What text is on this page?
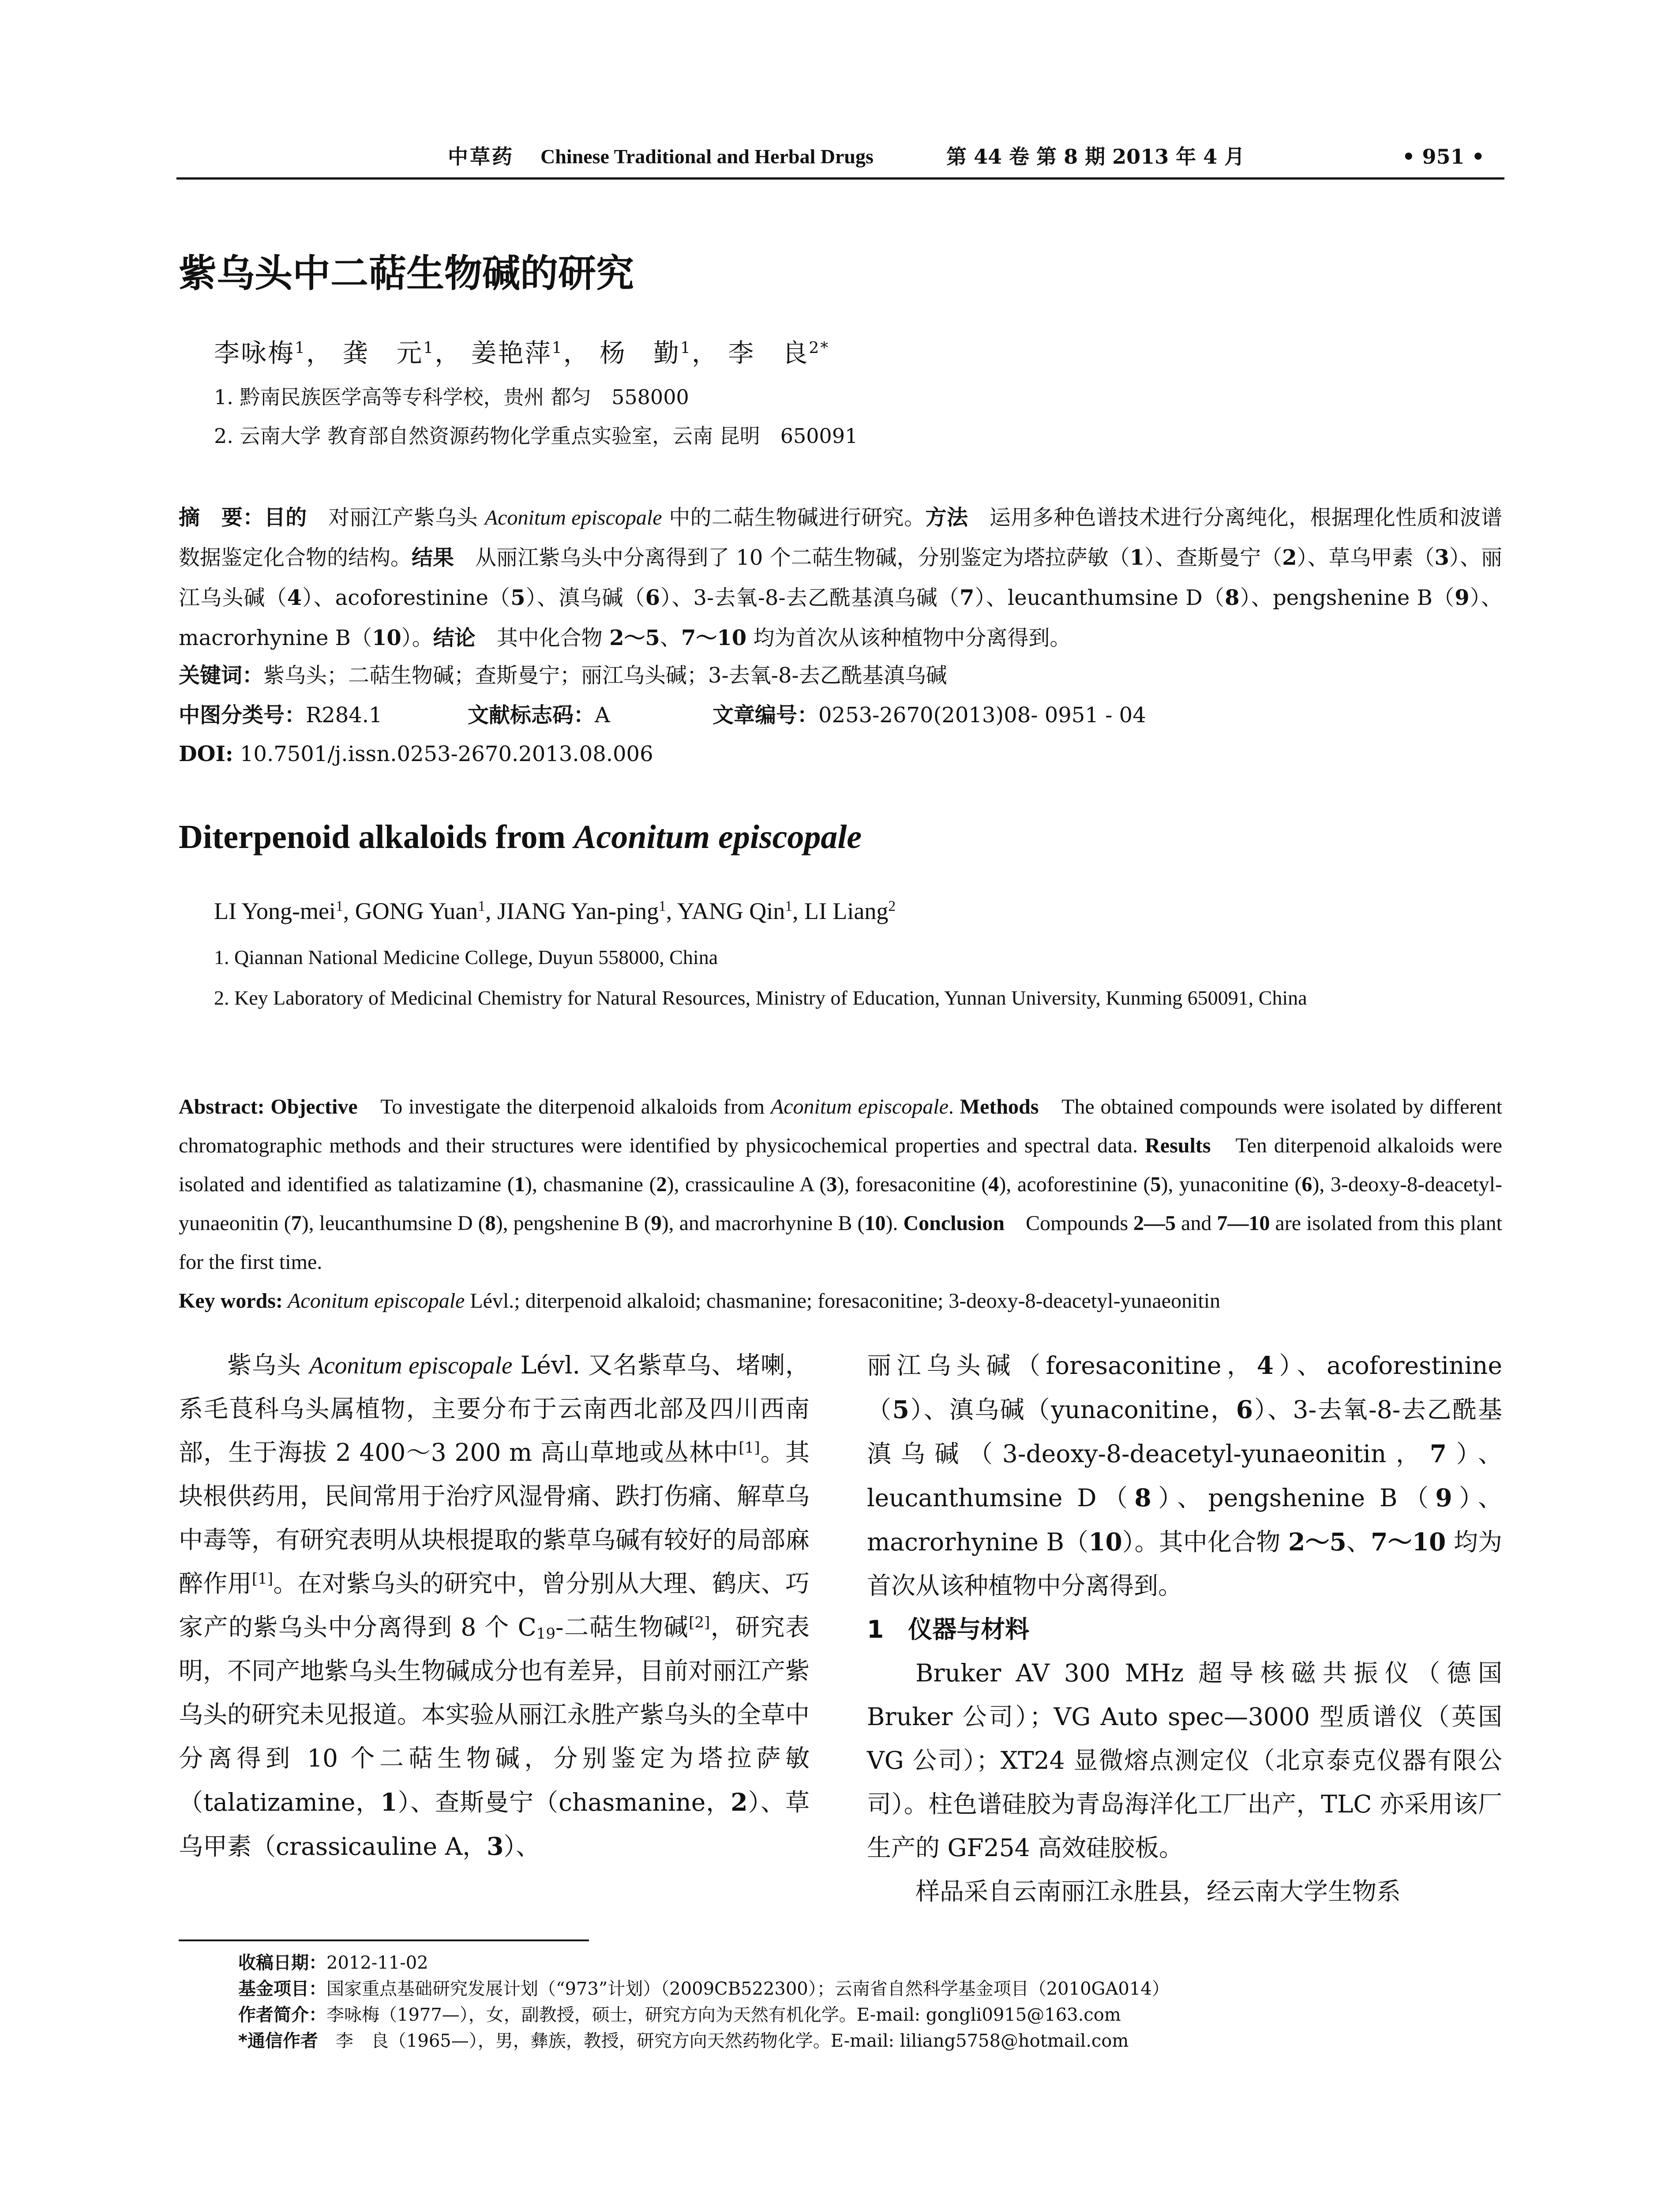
中草药 Chinese Traditional and Herbal Drugs	第 44 卷 第 8 期 2013 年 4 月	• 951 •
紫乌头中二萜生物碱的研究
李咏梅$^1$， 龚　元$^1$， 姜艳萍$^1$， 杨　勤$^1$， 李　良$^{2*}$
1. 黔南民族医学高等专科学校，贵州 都匀　558000
2. 云南大学 教育部自然资源药物化学重点实验室，云南 昆明　650091

摘　要：目的　对丽江产紫乌头 Aconitum episcopale 中的二萜生物碱进行研究。方法　运用多种色谱技术进行分离纯化，根据理化性质和波谱数据鉴定化合物的结构。结果　从丽江紫乌头中分离得到了 10 个二萜生物碱，分别鉴定为塔拉萨敏（1）、查斯曼宁（2）、草乌甲素（3）、丽江乌头碱（4）、acoforestinine（5）、滇乌碱（6）、3-去氧-8-去乙酰基滇乌碱（7）、leucanthumsine D（8）、pengshenine B（9）、macrorhynine B（10）。结论　其中化合物 2～5、7～10 均为首次从该种植物中分离得到。

关键词：紫乌头；二萜生物碱；查斯曼宁；丽江乌头碱；3-去氧-8-去乙酰基滇乌碱
中图分类号：R284.1	文献标志码：A	文章编号：0253-2670(2013)08- 0951 - 04
DOI: 10.7501/j.issn.0253-2670.2013.08.006
Diterpenoid alkaloids from Aconitum episcopale
LI Yong-mei$^1$, GONG Yuan$^1$, JIANG Yan-ping$^1$, YANG Qin$^1$, LI Liang$^2$
1. Qiannan National Medicine College, Duyun 558000, China
2. Key Laboratory of Medicinal Chemistry for Natural Resources, Ministry of Education, Yunnan University, Kunming 650091, China
Abstract: Objective　To investigate the diterpenoid alkaloids from Aconitum episcopale. Methods　The obtained compounds were isolated by different chromatographic methods and their structures were identified by physicochemical properties and spectral data. Results　Ten diterpenoid alkaloids were isolated and identified as talatizamine (1), chasmanine (2), crassicauline A (3), foresaconitine (4), acoforestinine (5), yunaconitine (6), 3-deoxy-8-deacetyl-yunaeonitin (7), leucanthumsine D (8), pengshenine B (9), and macrorhynine B (10). Conclusion　Compounds 2—5 and 7—10 are isolated from this plant for the first time.
Key words: Aconitum episcopale Lévl.; diterpenoid alkaloid; chasmanine; foresaconitine; 3-deoxy-8-deacetyl-yunaeonitin

紫乌头 Aconitum episcopale Lévl. 又名紫草乌、堵喇，系毛茛科乌头属植物，主要分布于云南西北部及四川西南部，生于海拔 2 400～3 200 m 高山草地或丛林中[1]。其块根供药用，民间常用于治疗风湿骨痛、跌打伤痛、解草乌中毒等，有研究表明从块根提取的紫草乌碱有较好的局部麻醉作用[1]。在对紫乌头的研究中，曾分别从大理、鹤庆、巧家产的紫乌头中分离得到 8 个 $C_{19}-$二萜生物碱[2]，研究表明，不同产地紫乌头生物碱成分也有差异，目前对丽江产紫乌头的研究未见报道。本实验从丽江永胜产紫乌头的全草中分离得到 10 个二萜生物碱，分别鉴定为塔拉萨敏（talatizamine，1）、查斯曼宁（chasmanine，2）、草乌甲素（crassicauline A，3）、

丽江乌头碱（foresaconitine，4）、acoforestinine（5）、滇乌碱（yunaconitine，6）、3-去氧-8-去乙酰基滇乌碱（3-deoxy-8-deacetyl-yunaeonitin，7）、leucanthumsine D（8）、pengshenine B（9）、macrorhynine B（10）。其中化合物 2～5、7～10 均为首次从该种植物中分离得到。

1　仪器与材料

Bruker AV 300 MHz 超导核磁共振仪（德国 Bruker 公司）；VG Auto spec—3000 型质谱仪（英国 VG 公司）；XT24 显微熔点测定仪（北京泰克仪器有限公司）。柱色谱硅胶为青岛海洋化工厂出产，TLC 亦采用该厂生产的 GF254 高效硅胶板。

样品采自云南丽江永胜县，经云南大学生物系

收稿日期：2012-11-02
基金项目：国家重点基础研究发展计划（“973”计划）（2009CB522300）；云南省自然科学基金项目（2010GA014）
作者简介：李咏梅（1977—），女，副教授，硕士，研究方向为天然有机化学。E-mail: gongli0915@163.com
*通信作者　李　良（1965—），男，彝族，教授，研究方向天然药物化学。E-mail: liliang5758@hotmail.com
